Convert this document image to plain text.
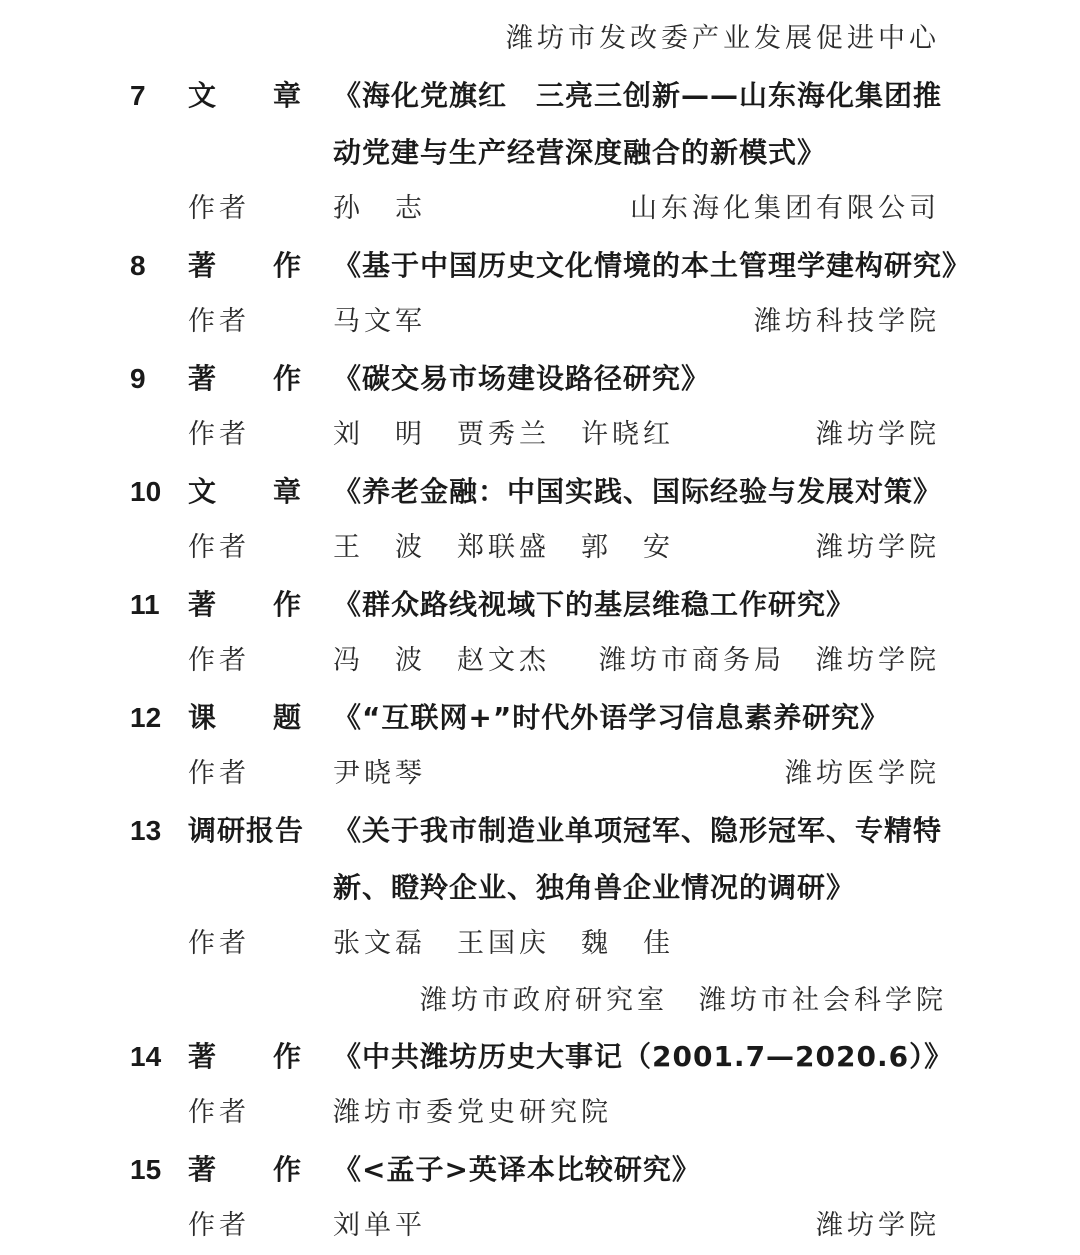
潍坊市发改委产业发展促进中心
7 文 章 《海化党旗红　三亮三创新——山东海化集团推
动党建与生产经营深度融合的新模式》
作者	孙　志	山东海化集团有限公司
8 著 作 《基于中国历史文化情境的本土管理学建构研究》
作者	马文军	潍坊科技学院
9 著 作 《碳交易市场建设路径研究》
作者	刘　明　贾秀兰　许晓红	潍坊学院
10 文 章 《养老金融：中国实践、国际经验与发展对策》
作者	王　波　郑联盛　郭　安	潍坊学院
11 著 作 《群众路线视域下的基层维稳工作研究》
作者	冯　波　赵文杰 潍坊市商务局　潍坊学院
12 课 题 《“互联网+”时代外语学习信息素养研究》
作者	尹晓琴	潍坊医学院
13 调研报告 《关于我市制造业单项冠军、隐形冠军、专精特
新、瞪羚企业、独角兽企业情况的调研》
作者	张文磊　王国庆　魏　佳
潍坊市政府研究室　潍坊市社会科学院
14 著 作 《中共潍坊历史大事记（2001.7—2020.6）》
作者	潍坊市委党史研究院
15 著 作 《<孟子>英译本比较研究》
作者	刘单平	潍坊学院
